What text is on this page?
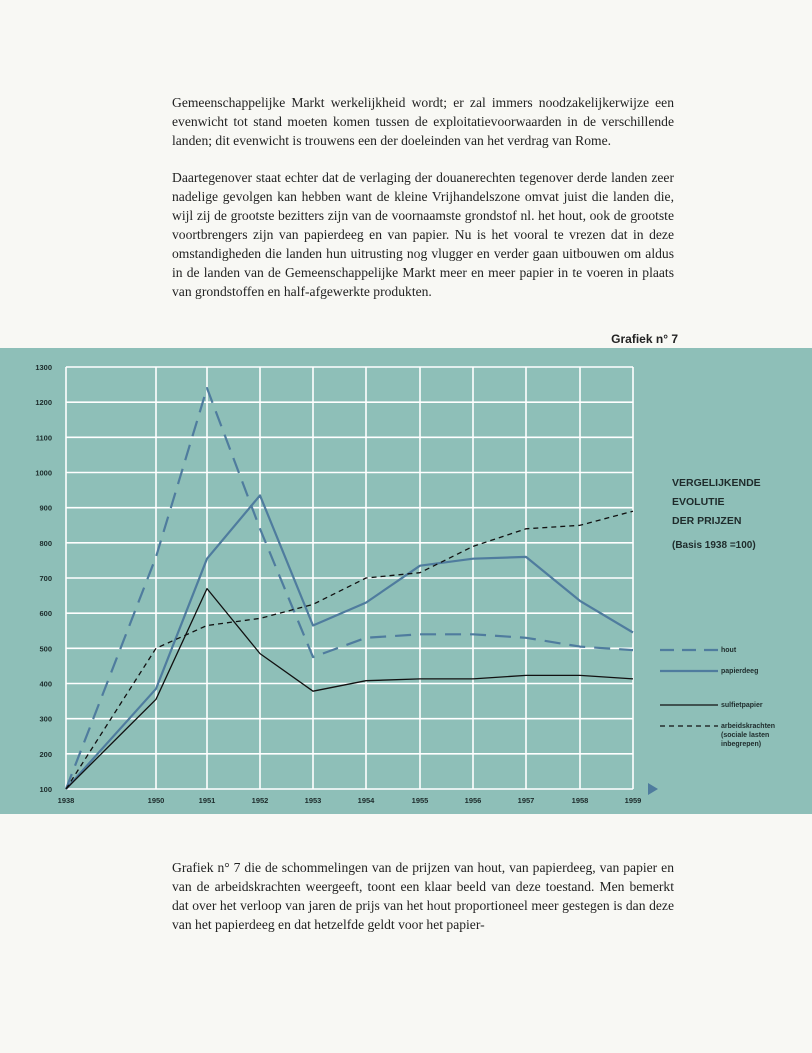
Gemeenschappelijke Markt werkelijkheid wordt; er zal immers noodzakelijkerwijze een evenwicht tot stand moeten komen tussen de exploitatievoorwaarden in de verschillende landen; dit evenwicht is trouwens een der doeleinden van het verdrag van Rome.

Daartegenover staat echter dat de verlaging der douanerechten tegenover derde landen zeer nadelige gevolgen kan hebben want de kleine Vrijhandelszone omvat juist die landen die, wijl zij de grootste bezitters zijn van de voornaamste grondstof nl. het hout, ook de grootste voortbrengers zijn van papierdeeg en van papier. Nu is het vooral te vrezen dat in deze omstandigheden die landen hun uitrusting nog vlugger en verder gaan uitbouwen om aldus in de landen van de Gemeenschappelijke Markt meer en meer papier in te voeren in plaats van grondstoffen en half-afgewerkte produkten.

Grafiek n° 7

100
200
300
400
500
600
700
800
900
1000
1100
1200
1300
1938	1950	1951	1952	1953	1954	1955	1956	1957	1958	1959
VERGELIJKENDE
EVOLUTIE
DER PRIJZEN
(Basis 1938 =100)
hout
papierdeeg
sulfietpapier
arbeidskrachten
(sociale lasten
inbegrepen)

Grafiek n° 7 die de schommelingen van de prijzen van hout, van papierdeeg, van papier en van de arbeidskrachten weergeeft, toont een klaar beeld van deze toestand. Men bemerkt dat over het verloop van jaren de prijs van het hout proportioneel meer gestegen is dan deze van het papierdeeg en dat hetzelfde geldt voor het papier-
